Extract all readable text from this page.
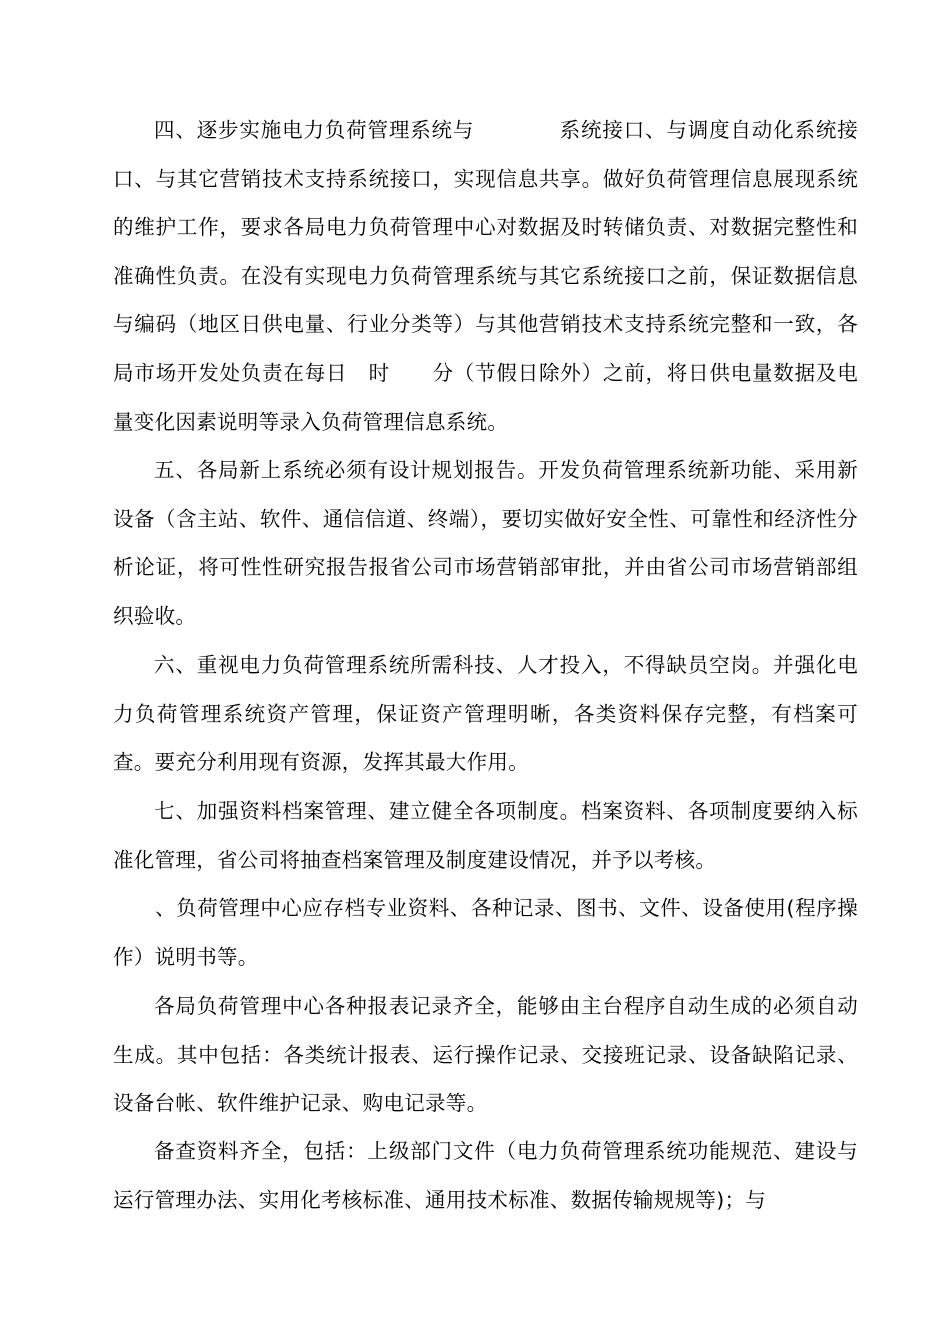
四、逐步实施电力负荷管理系统与　　　　系统接口、与调度自动化系统接口、与其它营销技术支持系统接口，实现信息共享。做好负荷管理信息展现系统的维护工作，要求各局电力负荷管理中心对数据及时转储负责、对数据完整性和准确性负责。在没有实现电力负荷管理系统与其它系统接口之前，保证数据信息与编码（地区日供电量、行业分类等）与其他营销技术支持系统完整和一致，各局市场开发处负责在每日　时　　分（节假日除外）之前，将日供电量数据及电量变化因素说明等录入负荷管理信息系统。

五、各局新上系统必须有设计规划报告。开发负荷管理系统新功能、采用新设备（含主站、软件、通信信道、终端），要切实做好安全性、可靠性和经济性分析论证，将可性性研究报告报省公司市场营销部审批，并由省公司市场营销部组织验收。

六、重视电力负荷管理系统所需科技、人才投入，不得缺员空岗。并强化电力负荷管理系统资产管理，保证资产管理明晰，各类资料保存完整，有档案可查。要充分利用现有资源，发挥其最大作用。

七、加强资料档案管理、建立健全各项制度。档案资料、各项制度要纳入标准化管理，省公司将抽查档案管理及制度建设情况，并予以考核。

　　、负荷管理中心应存档专业资料、各种记录、图书、文件、设备使用(程序操作）说明书等。

各局负荷管理中心各种报表记录齐全，能够由主台程序自动生成的必须自动生成。其中包括：各类统计报表、运行操作记录、交接班记录、设备缺陷记录、设备台帐、软件维护记录、购电记录等。

备查资料齐全，包括：上级部门文件（电力负荷管理系统功能规范、建设与运行管理办法、实用化考核标准、通用技术标准、数据传输规规等)；与
